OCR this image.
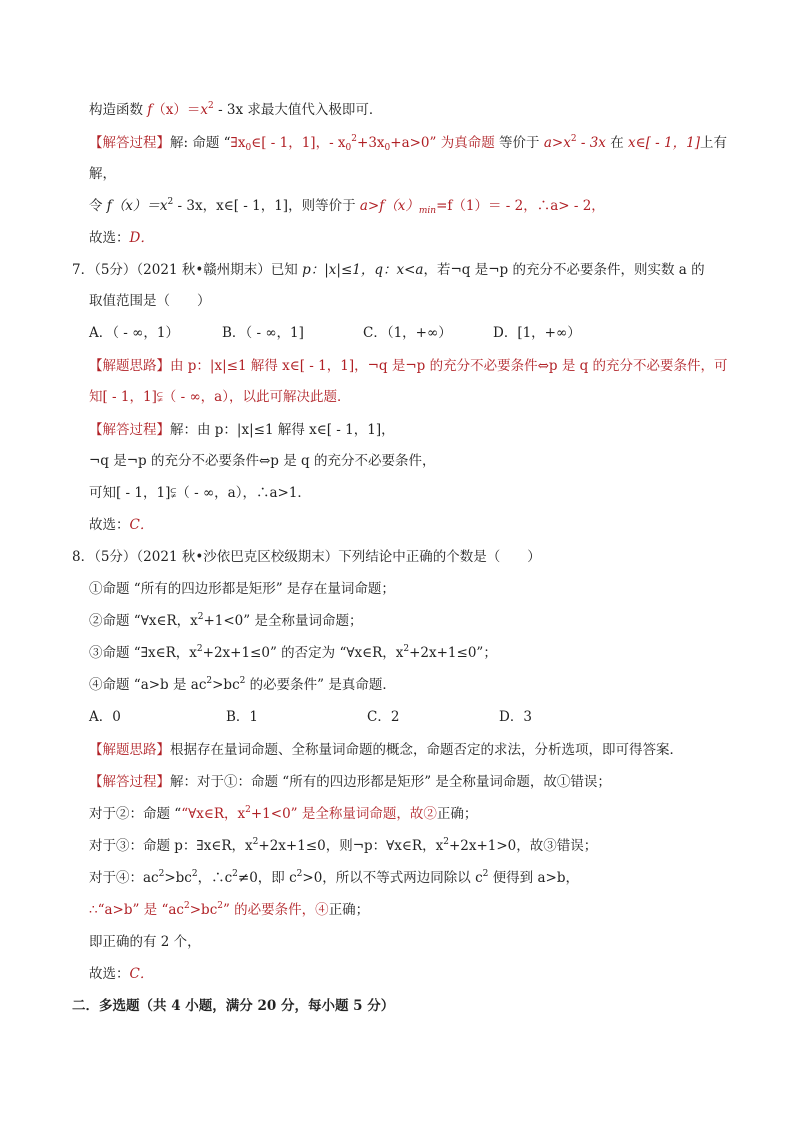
构造函数 $f(x)=x^2 - 3x$ 求最大值代入极即可．
【解答过程】解: 命题 “$\exists x_0\in[ - 1$，1]，- $x_0^2+3x_0+a>0$” 为真命题 等价于 $a>x^2 - 3x$ 在 x∈[ - 1，1]上有
解，
令 $f(x)=x^2 - 3x$，x∈[ - 1，1]，则等价于 $a>f(x)_{min}=f(1)= - 2$，∴a> - 2，
故选：D．
7．（5分）（2021 秋•赣州期末）已知 p：|x|≤1，q：x<a，若¬q 是¬p 的充分不必要条件，则实数 a 的
取值范围是（　　）
A．（ - ∞，1）	B．（ - ∞，1]	C．（1，+∞）	D．[1，+∞）
【解题思路】由 p：|x|≤1 解得 x∈[ - 1，1]，¬q 是¬p 的充分不必要条件⇔p 是 q 的充分不必要条件，可
知[ - 1，1]⫋（ - ∞，a），以此可解决此题．
【解答过程】解：由 p：|x|≤1 解得 x∈[ - 1，1]，
¬q 是¬p 的充分不必要条件⇔p 是 q 的充分不必要条件，
可知[ - 1，1]⫋（ - ∞，a），∴a>1．
故选：C．
8．（5分）（2021 秋•沙依巴克区校级期末）下列结论中正确的个数是（　　）
①命题 “所有的四边形都是矩形” 是存在量词命题；
②命题 “∀x∈R，$x^2+1<0$” 是全称量词命题；
③命题 “∃x∈R，$x^2+2x+1\le 0$” 的否定为 “∀x∈R，$x^2+2x+1\le 0$”；
④命题 “a>b 是 $ac^2>bc^2$ 的必要条件” 是真命题．
A．0	B．1	C．2	D．3
【解题思路】根据存在量词命题、全称量词命题的概念，命题否定的求法，分析选项，即可得答案．
【解答过程】解：对于①：命题 “所有的四边形都是矩形” 是全称量词命题，故①错误；
对于②：命题 ““∀x∈R，$x^2+1<0$” 是全称量词命题，故②正确；
对于③：命题 p：∃x∈R，$x^2+2x+1\le 0$，则¬p：∀x∈R，$x^2+2x+1>0$，故③错误；
对于④：$ac^2>bc^2$，$\therefore c^2\ne 0$，即 $c^2>0$，所以不等式两边同除以 $c^2$ 便得到 a>b，
∴“a>b” 是 “$ac^2>bc^2$” 的必要条件，④正确；
即正确的有 2 个，
故选：C．
二．多选题（共 4 小题，满分 20 分，每小题 5 分）
